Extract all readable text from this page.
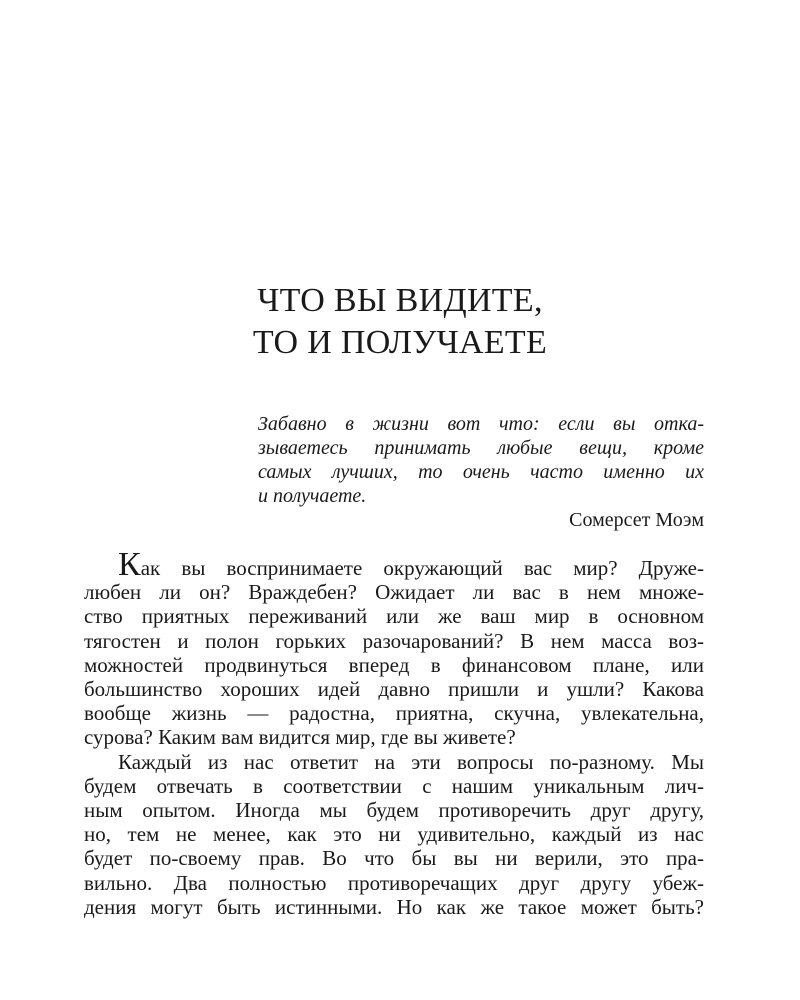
ЧТО ВЫ ВИДИТЕ,
ТО И ПОЛУЧАЕТЕ
Забавно в жизни вот что: если вы отка-
зываетесь принимать любые вещи, кроме
самых лучших, то очень часто именно их
и получаете.
Сомерсет Моэм
Как вы воспринимаете окружающий вас мир? Друже-
любен ли он? Враждебен? Ожидает ли вас в нем множе-
ство приятных переживаний или же ваш мир в основном
тягостен и полон горьких разочарований? В нем масса воз-
можностей продвинуться вперед в финансовом плане, или
большинство хороших идей давно пришли и ушли? Какова
вообще жизнь — радостна, приятна, скучна, увлекательна,
сурова? Каким вам видится мир, где вы живете?
Каждый из нас ответит на эти вопросы по-разному. Мы
будем отвечать в соответствии с нашим уникальным лич-
ным опытом. Иногда мы будем противоречить друг другу,
но, тем не менее, как это ни удивительно, каждый из нас
будет по-своему прав. Во что бы вы ни верили, это пра-
вильно. Два полностью противоречащих друг другу убеж-
дения могут быть истинными. Но как же такое может быть?
